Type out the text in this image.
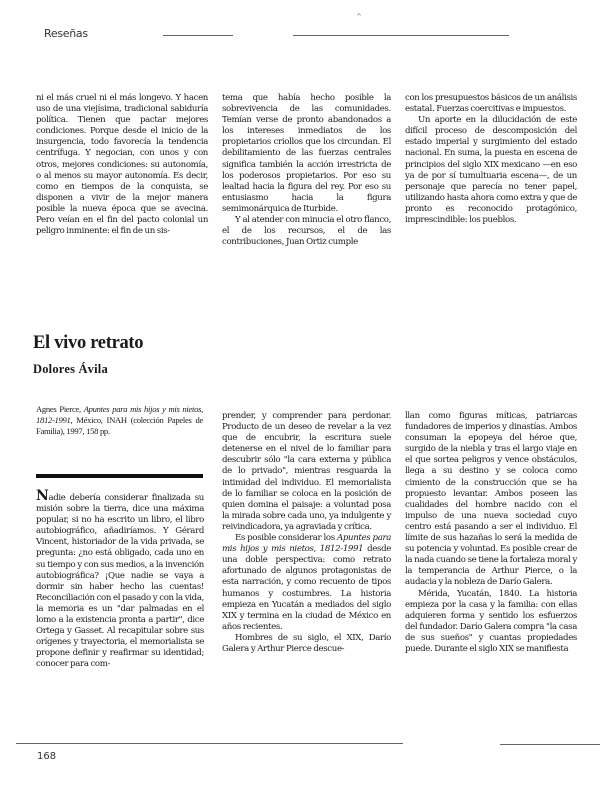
Reseñas
^

ni el más cruel ni el más longevo. Y hacen uso de una viejísima, tradicional sabiduría política. Tienen que pactar mejores condiciones. Porque desde el inicio de la insurgencia, todo favorecía la tendencia centrífuga. Y negocian, con unos y con otros, mejores condiciones: su autonomía, o al menos su mayor autonomía. Es decir, como en tiempos de la conquista, se disponen a vivir de la mejor manera posible la nueva época que se avecina. Pero veían en el fin del pacto colonial un peligro inminente: el fin de un sis-

tema que había hecho posible la sobrevivencia de las comunidades. Temían verse de pronto abandonados a los intereses inmediatos de los propietarios criollos que los circundan. El debilitamiento de las fuerzas centrales significa también la acción irrestricta de los poderosos propietarios. Por eso su lealtad hacia la figura del rey. Por eso su entusiasmo hacia la figura semimonárquica de Iturbide.

Y al atender con minucia el otro flanco, el de los recursos, el de las contribuciones, Juan Ortiz cumple

con los presupuestos básicos de un análisis estatal. Fuerzas coercitivas e impuestos.

Un aporte en la dilucidación de este difícil proceso de descomposición del estado imperial y surgimiento del estado nacional. En suma, la puesta en escena de principios del siglo XIX mexicano —en eso ya de por sí tumultuaria escena—, de un personaje que parecía no tener papel, utilizando hasta ahora como extra y que de pronto es reconocido protagónico, imprescindible: los pueblos.

El vivo retrato
Dolores Ávila
Agnes Pierce, Apuntes para mis hijos y mis nietos, 1812-1991, México, INAH (colección Papeles de Familia), 1997, 158 pp.

Nadie debería considerar finalizada su misión sobre la tierra, dice una máxima popular, si no ha escrito un libro, el libro autobiográfico, añadiríamos. Y Gérard Vincent, historiador de la vida privada, se pregunta: ¿no está obligado, cada uno en su tiempo y con sus medios, a la invención autobiográfica? ¡Que nadie se vaya a dormir sin haber hecho las cuentas! Reconciliación con el pasado y con la vida, la memoria es un "dar palmadas en el lomo a la existencia pronta a partir", dice Ortega y Gasset. Al recapitular sobre sus orígenes y trayectoria, el memorialista se propone definir y reafirmar su identidad; conocer para com-

prender, y comprender para perdonar. Producto de un deseo de revelar a la vez que de encubrir, la escritura suele detenerse en el nivel de lo familiar para descubrir sólo "la cara externa y pública de lo privado", mientras resguarda la intimidad del individuo. El memorialista de lo familiar se coloca en la posición de quien domina el paisaje: a voluntad posa la mirada sobre cada uno, ya indulgente y reivindicadora, ya agraviada y crítica.

Es posible considerar los Apuntes para mis hijos y mis nietos, 1812-1991 desde una doble perspectiva: como retrato afortunado de algunos protagonistas de esta narración, y como recuento de tipos humanos y costumbres. La historia empieza en Yucatán a mediados del siglo XIX y termina en la ciudad de México en años recientes.

Hombres de su siglo, el XIX, Darío Galera y Arthur Pierce descue-

llan como figuras míticas, patriarcas fundadores de imperios y dinastías. Ambos consuman la epopeya del héroe que, surgido de la niebla y tras el largo viaje en el que sortea peligros y vence obstáculos, llega a su destino y se coloca como cimiento de la construcción que se ha propuesto levantar. Ambos poseen las cualidades del hombre nacido con el impulso de una nueva sociedad cuyo centro está pasando a ser el individuo. El límite de sus hazañas lo será la medida de su potencia y voluntad. Es posible crear de la nada cuando se tiene la fortaleza moral y la temperancia de Arthur Pierce, o la audacia y la nobleza de Darío Galera.

Mérida, Yucatán, 1840. La historia empieza por la casa y la familia: con ellas adquieren forma y sentido los esfuerzos del fundador. Darío Galera compra "la casa de sus sueños" y cuantas propiedades puede. Durante el siglo XIX se manifiesta

168
